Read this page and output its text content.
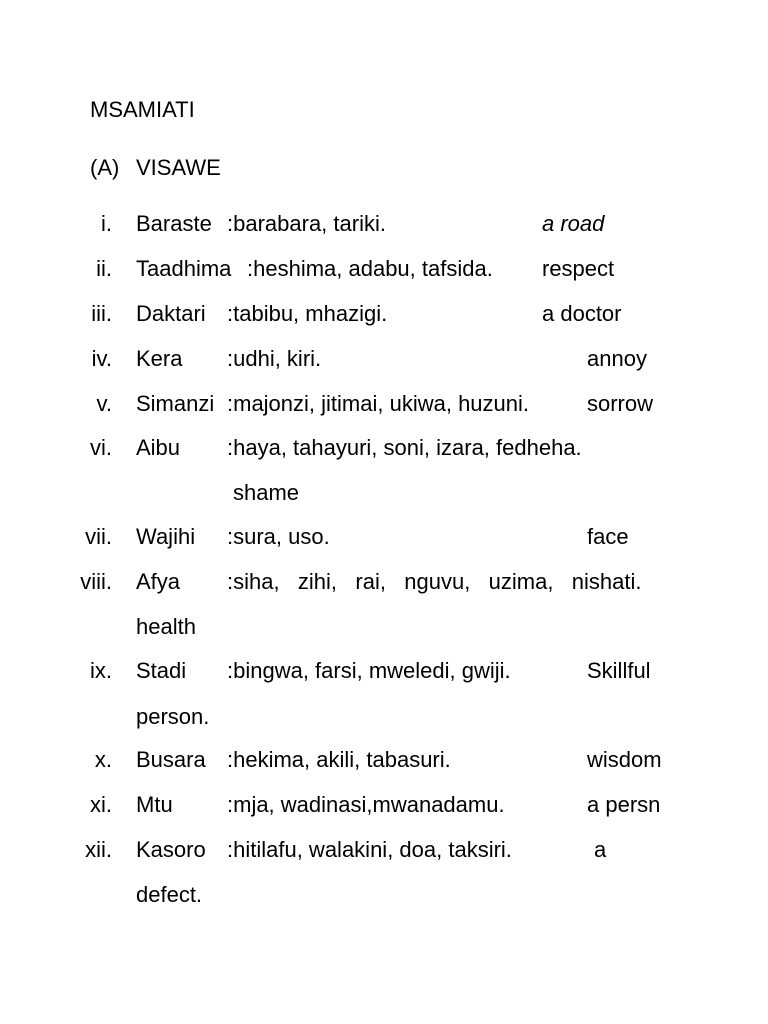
MSAMIATI
(A) VISAWE
i. Baraste :barabara, tariki.	a road
ii. Taadhima :heshima, adabu, tafsida. respect
iii. Daktari :tabibu, mhazigi.	a doctor
iv. Kera :udhi, kiri.	annoy
v. Simanzi :majonzi, jitimai, ukiwa, huzuni.	sorrow
vi. Aibu :haya, tahayuri, soni, izara, fedheha.
shame
vii. Wajihi :sura, uso.	face
viii. Afya :siha,   zihi,   rai,   nguvu,   uzima,   nishati.
health
ix. Stadi :bingwa, farsi, mweledi, gwiji.	Skillful
person.
x. Busara :hekima, akili, tabasuri.	wisdom
xi. Mtu :mja, wadinasi,mwanadamu.	a persn
xii. Kasoro :hitilafu, walakini, doa, taksiri.	a
defect.
